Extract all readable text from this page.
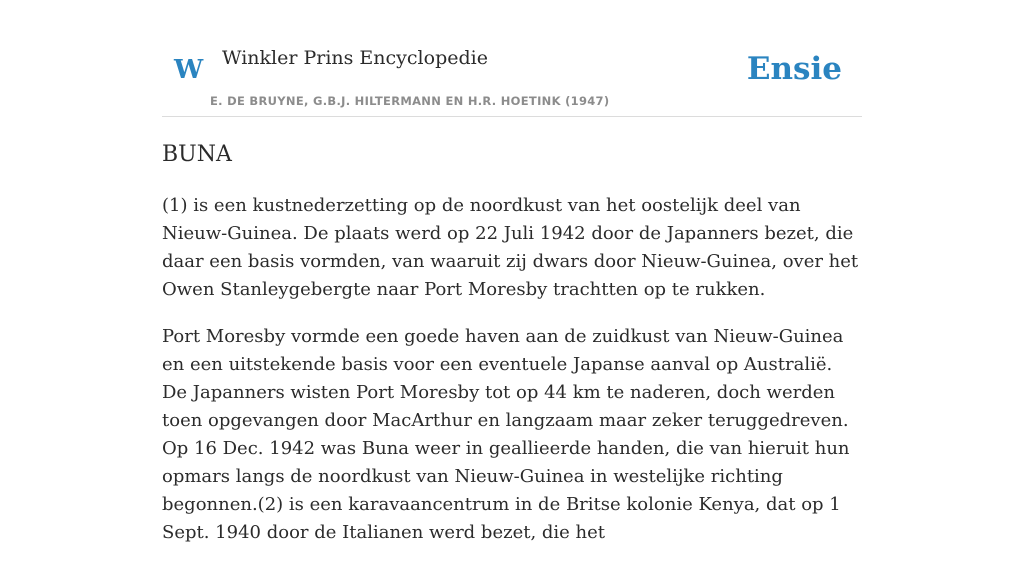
W Winkler Prins Encyclopedie
E. DE BRUYNE, G.B.J. HILTERMANN EN H.R. HOETINK (1947)
Ensie
BUNA

(1) is een kustnederzetting op de noordkust van het oostelijk deel van Nieuw-Guinea. De plaats werd op 22 Juli 1942 door de Japanners bezet, die daar een basis vormden, van waaruit zij dwars door Nieuw-Guinea, over het Owen Stanleygebergte naar Port Moresby trachtten op te rukken.

Port Moresby vormde een goede haven aan de zuidkust van Nieuw-Guinea en een uitstekende basis voor een eventuele Japanse aanval op Australië. De Japanners wisten Port Moresby tot op 44 km te naderen, doch werden toen opgevangen door MacArthur en langzaam maar zeker teruggedreven. Op 16 Dec. 1942 was Buna weer in geallieerde handen, die van hieruit hun opmars langs de noordkust van Nieuw-Guinea in westelijke richting begonnen.(2) is een karavaancentrum in de Britse kolonie Kenya, dat op 1 Sept. 1940 door de Italianen werd bezet, die het
